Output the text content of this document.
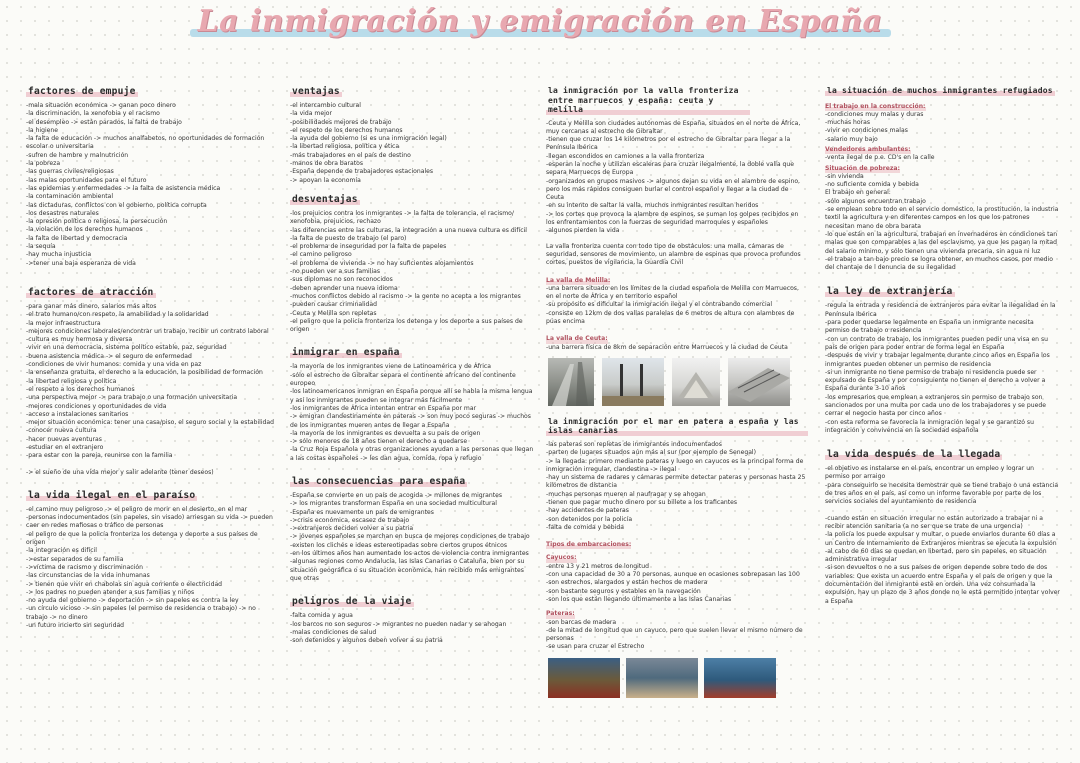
La inmigración y emigración en España
factores de empuje
-mala situación económica -> ganan poco dinero
-la discriminación, la xenofobia y el racismo
-el desempleo -> están parados, la falta de trabajo
-la higiene
-la falta de educación -> muchos analfabetos, no oportunidades de formación escolar o universitaria
-sufren de hambre y malnutrición
-la pobreza
-las guerras civiles/religiosas
-las malas oportunidades para el futuro
-las epidemias y enfermedades -> la falta de asistencia médica
-la contaminación ambiental
-las dictaduras, conflictos con el gobierno, política corrupta
-los desastres naturales
-la opresión política o religiosa, la persecución
-la violación de los derechos humanos
-la falta de libertad y democracia
-la sequía
-hay mucha injusticia
->tener una baja esperanza de vida
factores de atracción
-para ganar más dinero, salarios más altos
-el trato humano/con respeto, la amabilidad y la solidaridad
-la mejor infraestructura
-mejores condiciones laborales/encontrar un trabajo, recibir un contrato laboral
-cultura es muy hermosa y diversa
-vivir en una democracia, sistema político estable, paz, seguridad
-buena asistencia médica -> el seguro de enfermedad
-condiciones de vivir humanos: comida y una vida en paz
-la enseñanza gratuita, el derecho a la educación, la posibilidad de formación
-la libertad religiosa y política
-el respeto a los derechos humanos
-una perspectiva mejor -> para trabajo o una formación universitaria
-mejores condiciones y oportunidades de vida
-acceso a instalaciones sanitarios
-mejor situación económica: tener una casa/piso, el seguro social y la estabilidad
-conocer nueva cultura
-hacer nuevas aventuras
-estudiar en el extranjero
-para estar con la pareja, reunirse con la familia
-> el sueño de una vida mejor y salir adelante (tener deseos)
la vida ilegal en el paraíso
-el camino muy peligroso -> el peligro de morir en el desierto, en el mar
-personas indocumentados (sin papeles, sin visado) arriesgan su vida -> pueden caer en redes mafiosas o tráfico de personas
-el peligro de que la policía fronteriza los detenga y deporte a sus países de origen
-la integración es difícil
->estar separados de su familia
->víctima de racismo y discriminación
-las circunstancias de la vida inhumanas
-> tienen que vivir en chabolas sin agua corriente o electricidad
-> los padres no pueden atender a sus familias y niños
-no ayuda del gobierno -> deportación -> sin papeles es contra la ley
-un círculo vicioso -> sin papeles (el permiso de residencia o trabajo) -> no trabajo -> no dinero
-un futuro incierto sin seguridad
ventajas
-el intercambio cultural
-la vida mejor
-posibilidades mejores de trabajo
-el respeto de los derechos humanos
-la ayuda del gobierno (si es una inmigración legal)
-la libertad religiosa, política y ética
-más trabajadores en el país de destino
-manos de obra baratos
-España depende de trabajadores estacionales
-> apoyan la economía
desventajas
-los prejuicios contra los inmigrantes -> la falta de tolerancia, el racismo/ xenofobia, prejuicios, rechazo
-las diferencias entre las culturas, la integración a una nueva cultura es difícil
-la falta de puesto de trabajo (el paro)
-el problema de inseguridad por la falta de papeles
-el camino peligroso
-el problema de vivienda -> no hay suficientes alojamientos
-no pueden ver a sus familias
-sus diplomas no son reconocidos
-deben aprender una nueva idioma
-muchos conflictos debido al racismo -> la gente no acepta a los migrantes
-pueden causar criminalidad
-Ceuta y Melilla son repletas
-el peligro que la policía fronteriza los detenga y los deporte a sus países de origen
inmigrar en españa
-la mayoría de los inmigrantes viene de Latinoamérica y de África
-sólo el estrecho de Gibraltar separa el continente africano del continente europeo
-los latinoamericanos inmigran en España porque allí se habla la misma lengua y así los inmigrantes pueden se integrar más fácilmente
-los inmigrantes de África intentan entrar en España por mar
-> emigran clandestinamente en pateras -> son muy poco seguras -> muchos de los inmigrantes mueren antes de llegar a España
-la mayoría de los inmigrantes es devuelta a su país de origen
-> sólo menores de 18 años tienen el derecho a quedarse
-la Cruz Roja Española y otras organizaciones ayudan a las personas que llegan a las costas españoles -> les dan agua, comida, ropa y refugio
las consecuencias para españa
-España se convierte en un país de acogida -> millones de migrantes
-> los migrantes transforman España en una sociedad multicultural
-España es nuevamente un país de emigrantes
->crisis económica, escasez de trabajo
->extranjeros deciden volver a su patria
-> jóvenes españoles se marchan en busca de mejores condiciones de trabajo
-existen los clichés e ideas estereotipadas sobre ciertos grupos étnicos
-en los últimos años han aumentado los actos de violencia contra inmigrantes
-algunas regiones como Andalucía, las Islas Canarias o Cataluña, bien por su situación geográfica o su situación económica, han recibido más emigrantes que otras
peligros de la viaje
-falta comida y agua
-los barcos no son seguros -> migrantes no pueden nadar y se ahogan
-malas condiciones de salud
-son detenidos y algunos deben volver a su patria
la inmigración por la valla fronteriza entre marruecos y españa: ceuta y melilla
-Ceuta y Melilla son ciudades autónomas de España, situados en el norte de África, muy cercanas al estrecho de Gibraltar
-tienen que cruzar los 14 kilómetros por el estrecho de Gibraltar para llegar a la Península Ibérica
-llegan escondidos en camiones a la valla fronteriza
-esperan la noche y utilizan escaleras para cruzar ilegalmente, la doble valla que separa Marruecos de Europa
-organizados en grupos masivos -> algunos dejan su vida en el alambre de espino, pero los más rápidos consiguen burlar el control español y llegar a la ciudad de Ceuta
-en su intento de saltar la valla, muchos inmigrantes resultan heridos
-> los cortes que provoca la alambre de espinos, se suman los golpes recibidos en los enfrentamientos con la fuerzas de seguridad marroquíes y españoles
-algunos pierden la vida
La valla fronteriza cuenta con todo tipo de obstáculos: una malla, cámaras de seguridad, sensores de movimiento, un alambre de espinas que provoca profundos cortes, puestos de vigilancia, la Guardia Civil
La valla de Melilla:
-una barrera situado en los límites de la ciudad española de Melilla con Marruecos, en el norte de África y en territorio español
-su propósito es dificultar la inmigración ilegal y el contrabando comercial
-consiste en 12km de dos vallas paralelas de 6 metros de altura con alambres de púas encima
La valla de Ceuta:
-una barrera física de 8km de separación entre Marruecos y la ciudad de Ceuta
la inmigración por el mar en patera a españa y las islas canarias
-las pateras son repletas de inmigrantes indocumentados
-parten de lugares situados aún más al sur (por ejemplo de Senegal)
-> la llegada: primero mediante pateras y luego en cayucos es la principal forma de inmigración irregular, clandestina -> ilegal
-hay un sistema de radares y cámaras permite detectar pateras y personas hasta 25 kilómetros de distancia
-muchas personas mueren al naufragar y se ahogan
-tienen que pagar mucho dinero por su billete a los traficantes
-hay accidentes de pateras
-son detenidos por la policía
-falta de comida y bebida
Tipos de embarcaciones:
Cayucos:
-entre 13 y 21 metros de longitud
-con una capacidad de 30 a 70 personas, aunque en ocasiones sobrepasan las 100
-son estrechos, alargados y están hechos de madera
-son bastante seguros y estables en la navegación
-son los que están llegando últimamente a las Islas Canarias
Pateras:
-son barcas de madera
-de la mitad de longitud que un cayuco, pero que suelen llevar el mismo número de personas
-se usan para cruzar el Estrecho
la situación de muchos inmigrantes refugiados El trabajo en la construcción:
-condiciones muy malas y duras
-muchas horas
-vivir en condiciones malas
-salario muy bajo
Vendedores ambulantes:
-venta ilegal de p.e. CD's en la calle
Situación de pobreza:
-sin vivienda
-no suficiente comida y bebida
El trabajo en general:
-sólo algunos encuentran trabajo
-se emplean sobre todo en el servicio doméstico, la prostitución, la industria textil la agricultura y en diferentes campos en los que los patrones necesitan mano de obra barata
-lo que están en la agricultura, trabajan en invernaderos en condiciones tan malas que son comparables a las del esclavismo, ya que les pagan la mitad del salario mínimo, y sólo tienen una vivienda precaria, sin agua ni luz
-el trabajo a tan bajo precio se logra obtener, en muchos casos, por medio del chantaje de l denuncia de su ilegalidad
la ley de extranjería
-regula la entrada y residencia de extranjeros para evitar la ilegalidad en la Península Ibérica
-para poder quedarse legalmente en España un inmigrante necesita permiso de trabajo o residencia
-con un contrato de trabajo, los inmigrantes pueden pedir una visa en su país de origen para poder entrar de forma legal en España
-después de vivir y trabajar legalmente durante cinco años en España los inmigrantes pueden obtener un permiso de residencia
-si un inmigrante no tiene permiso de trabajo ni residencia puede ser expulsado de España y por consiguiente no tienen el derecho a volver a España durante 3-10 años
-los empresarios que emplean a extranjeros sin permiso de trabajo son sancionados por una multa por cada uno de los trabajadores y se puede cerrar el negocio hasta por cinco años
-con esta reforma se favorecía la inmigración legal y se garantizó su integración y convivencia en la sociedad española
la vida después de la llegada
-el objetivo es instalarse en el país, encontrar un empleo y lograr un permiso por arraigo
-para conseguirlo se necesita demostrar que se tiene trabajo o una estancia de tres años en el país, así como un informe favorable por parte de los servicios sociales del ayuntamiento de residencia
-cuando están en situación irregular no están autorizado a trabajar ni a recibir atención sanitaria (a no ser que se trate de una urgencia)
-la policía los puede expulsar y multar, o puede enviarlos durante 60 días a un Centro de Internamiento de Extranjeros mientras se ejecuta la expulsión
-al cabo de 60 días se quedan en libertad, pero sin papeles, en situación administrativa irregular
-si son devueltos o no a sus países de origen depende sobre todo de dos variables: Que exista un acuerdo entre España y el país de origen y que la documentación del inmigrante esté en orden. Una vez consumada la expulsión, hay un plazo de 3 años donde no le está permitido intentar volver a España
